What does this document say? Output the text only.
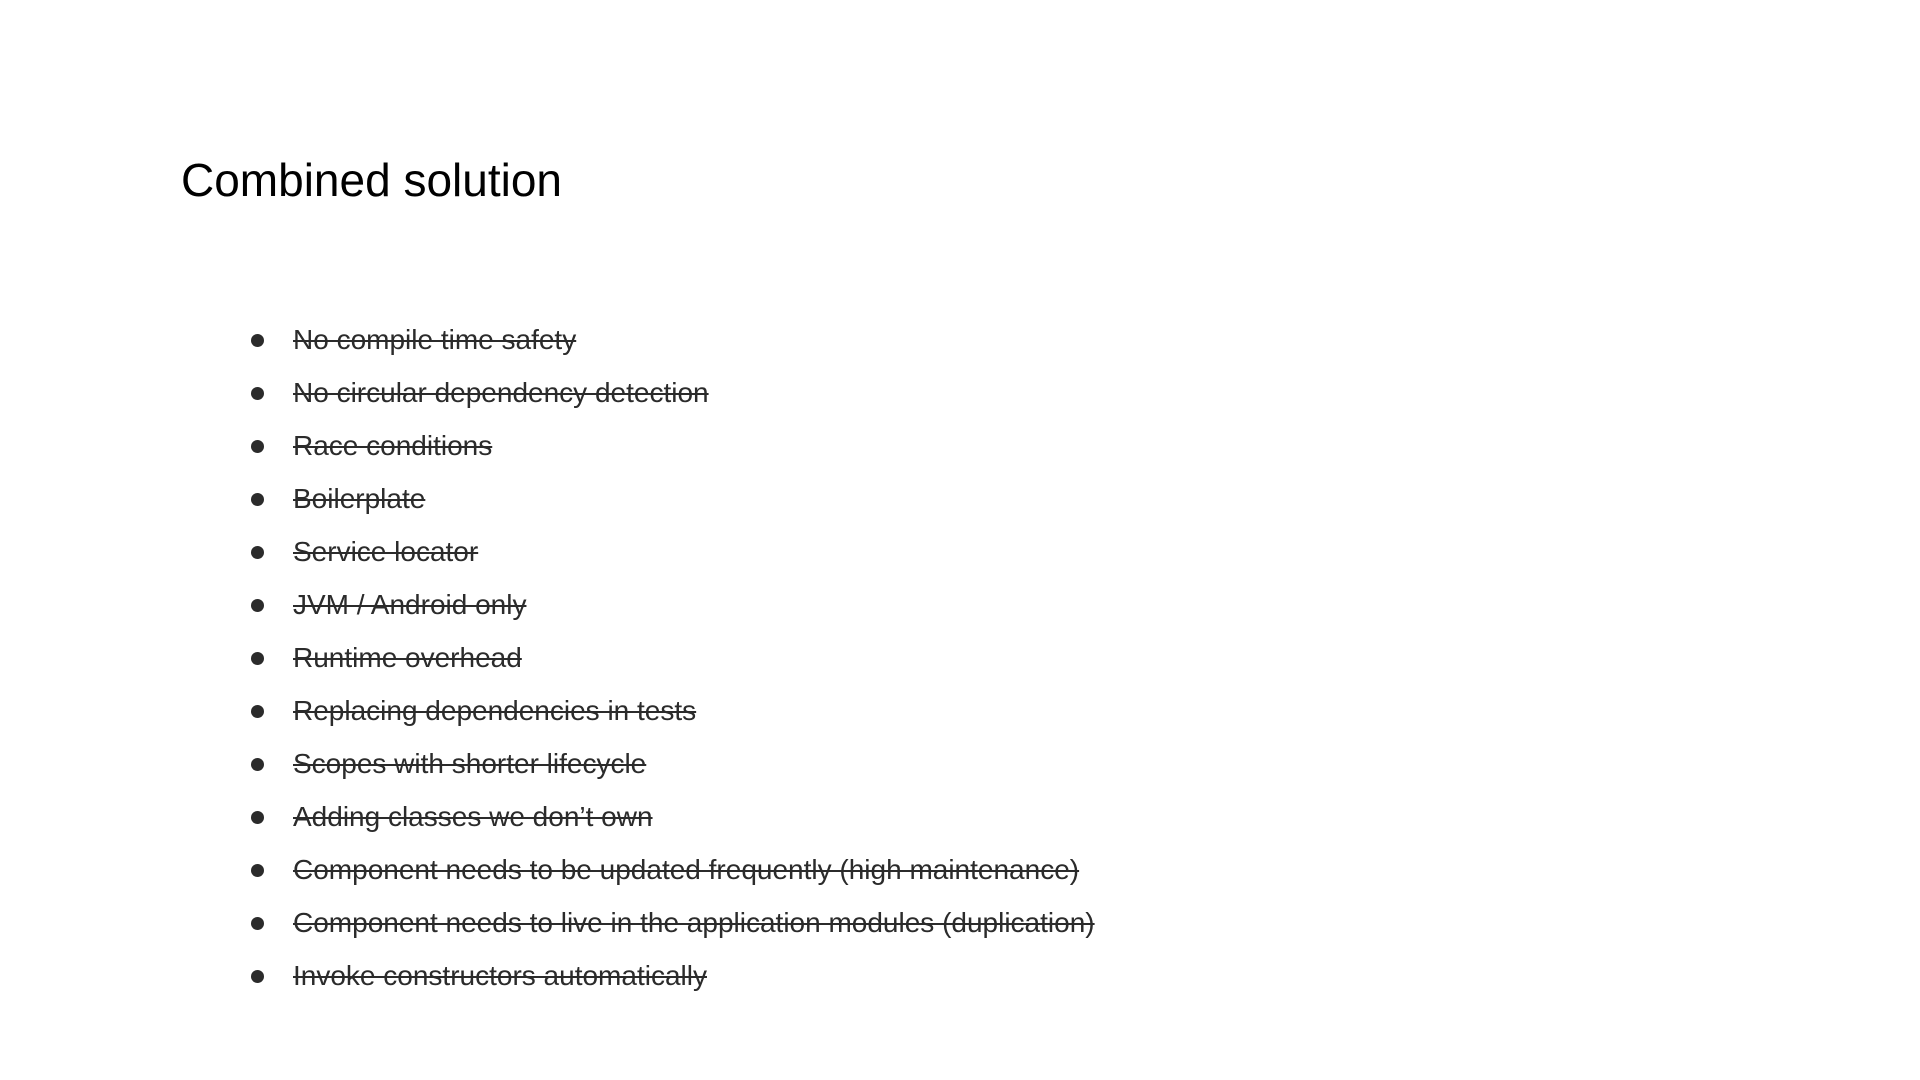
Combined solution
No compile time safety
No circular dependency detection
Race conditions
Boilerplate
Service locator
JVM / Android only
Runtime overhead
Replacing dependencies in tests
Scopes with shorter lifecycle
Adding classes we don’t own
Component needs to be updated frequently (high maintenance)
Component needs to live in the application modules (duplication)
Invoke constructors automatically
